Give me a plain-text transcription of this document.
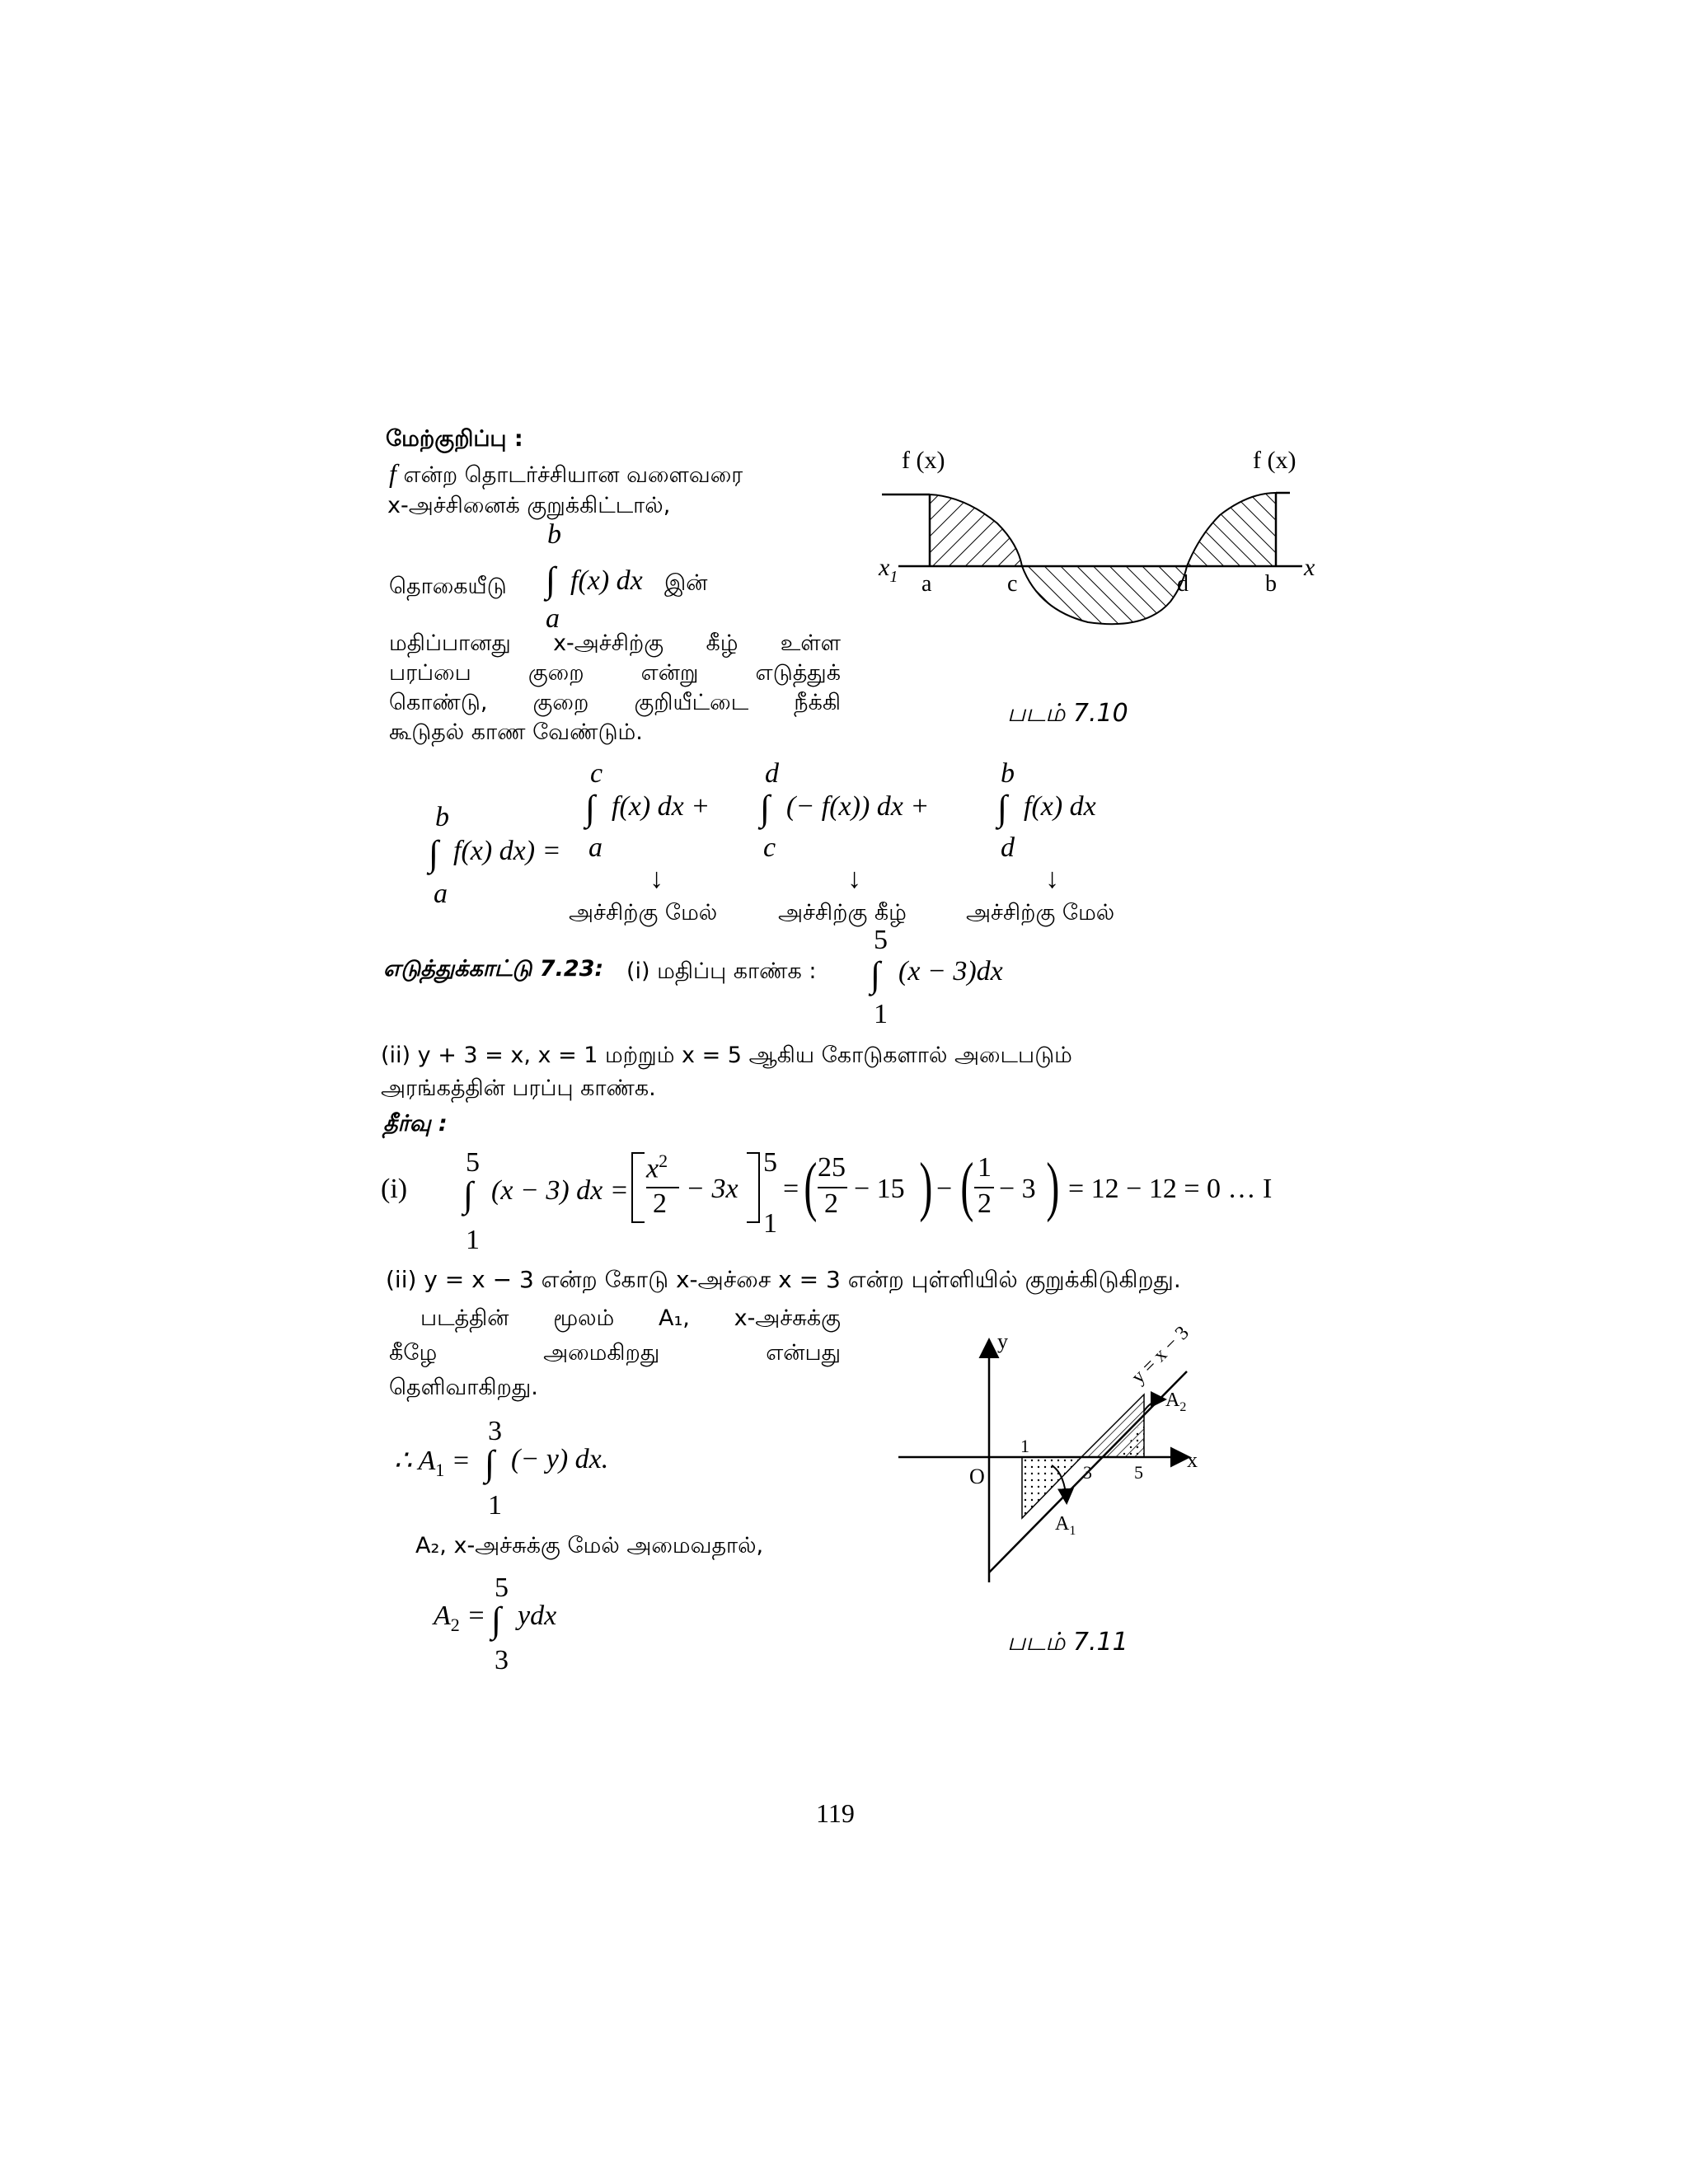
மேற்குறிப்பு :
f என்ற தொடர்ச்சியான வளைவரை
x-அச்சினைக் குறுக்கிட்டால்,
b
தொகையீடு ∫ f(x) dx இன்
a
மதிப்பானது x-அச்சிற்கு கீழ் உள்ள
பரப்பை குறை என்று எடுத்துக்
கொண்டு, குறை குறியீட்டை நீக்கி
கூடுதல் காண வேண்டும்.
f (x)	f (x)
$x_1$	x
a	c	d	b
படம் 7.10
b
∫ f(x) dx) =
a
c
∫ f(x) dx +
a
d
∫ (− f(x)) dx +
c
b
∫ f(x) dx
d
↓	↓	↓
அச்சிற்கு மேல்	அச்சிற்கு கீழ்	அச்சிற்கு மேல்
5
எடுத்துக்காட்டு 7.23: (i) மதிப்பு காண்க : ∫ (x − 3)dx
1
(ii) y + 3 = x, x = 1 மற்றும் x = 5 ஆகிய கோடுகளால் அடைபடும்
அரங்கத்தின் பரப்பு காண்க.
தீர்வு :
5
(i) ∫ (x − 3) dx =
1
$x^2$
2 − 3x
5
1
= ( 25
2 − 15 ) − ( 1
2 − 3 ) = 12 − 12 = 0 … I
(ii) y = x − 3 என்ற கோடு x-அச்சை x = 3 என்ற புள்ளியில் குறுக்கிடுகிறது.
படத்தின் மூலம் A₁, x-அச்சுக்கு
கீழே அமைகிறது என்பது
தெளிவாகிறது.
3
∴ $A_1$ = ∫ (− y) dx.
1
A₂, x-அச்சுக்கு மேல் அமைவதால்,
5
$A_2$ = ∫ ydx
3
y
x
O
1
3 5
y = x − 3
$A_2$
$A_1$
படம் 7.11
119
